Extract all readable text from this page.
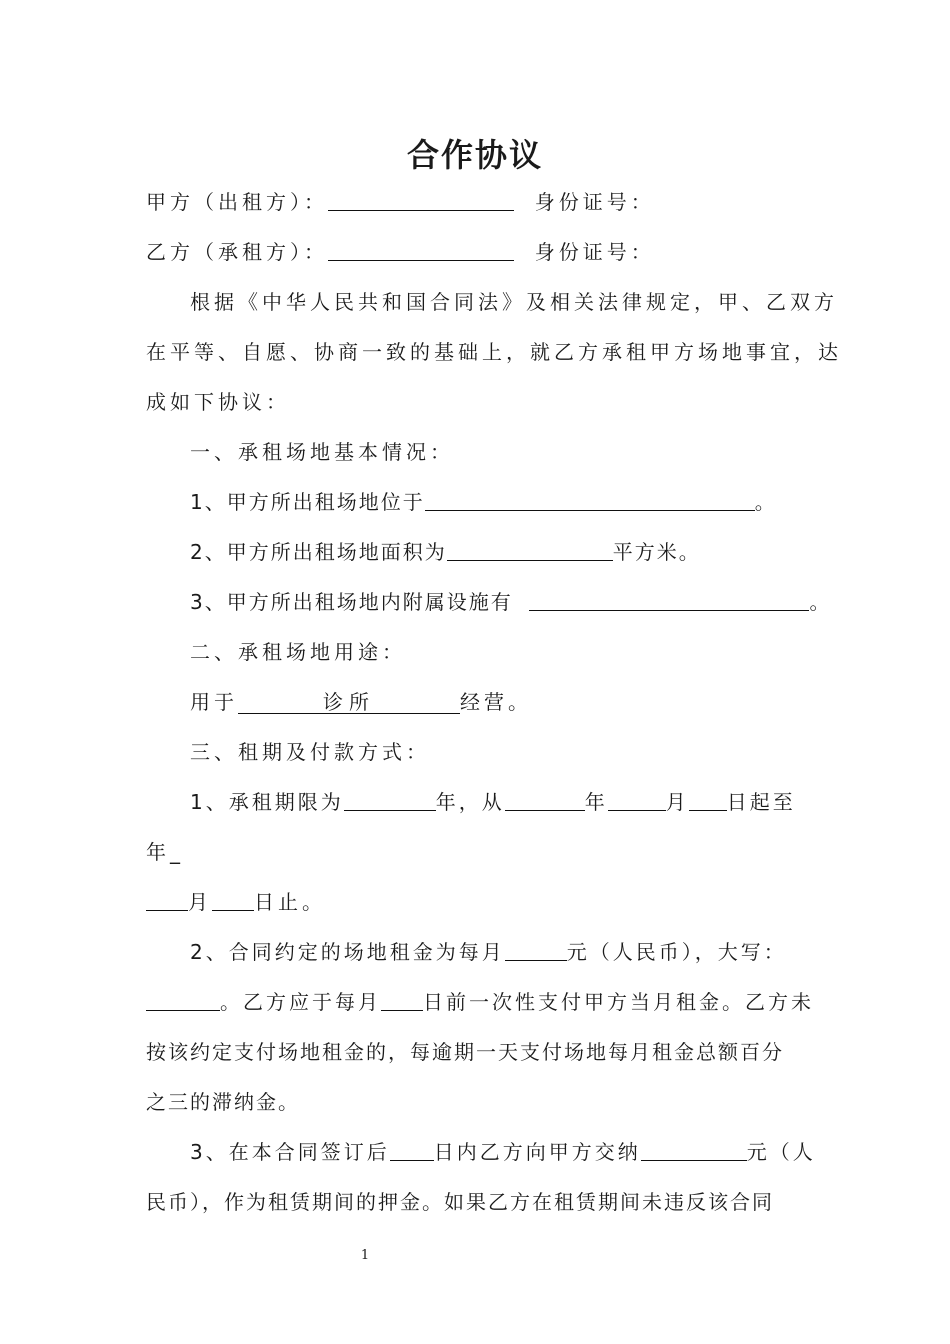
合作协议
甲方（出租方）：	身份证号：
乙方（承租方）：	身份证号：
根据《中华人民共和国合同法》及相关法律规定，甲、乙双方
在平等、自愿、协商一致的基础上，就乙方承租甲方场地事宜，达
成如下协议：
一、承租场地基本情况：
1、甲方所出租场地位于	。
2、甲方所出租场地面积为	平方米。
3、甲方所出租场地内附属设施有	。
二、承租场地用途：
用于	诊所	经营。
三、租期及付款方式：
1、承租期限为	年，从	年	月 日起至
年_
月 日止。
2、合同约定的场地租金为每月	元（人民币），大写：
。乙方应于每月 日前一次性支付甲方当月租金。乙方未
按该约定支付场地租金的，每逾期一天支付场地每月租金总额百分
之三的滞纳金。
3、在本合同签订后 日内乙方向甲方交纳	元（人
民币），作为租赁期间的押金。如果乙方在租赁期间未违反该合同
1
